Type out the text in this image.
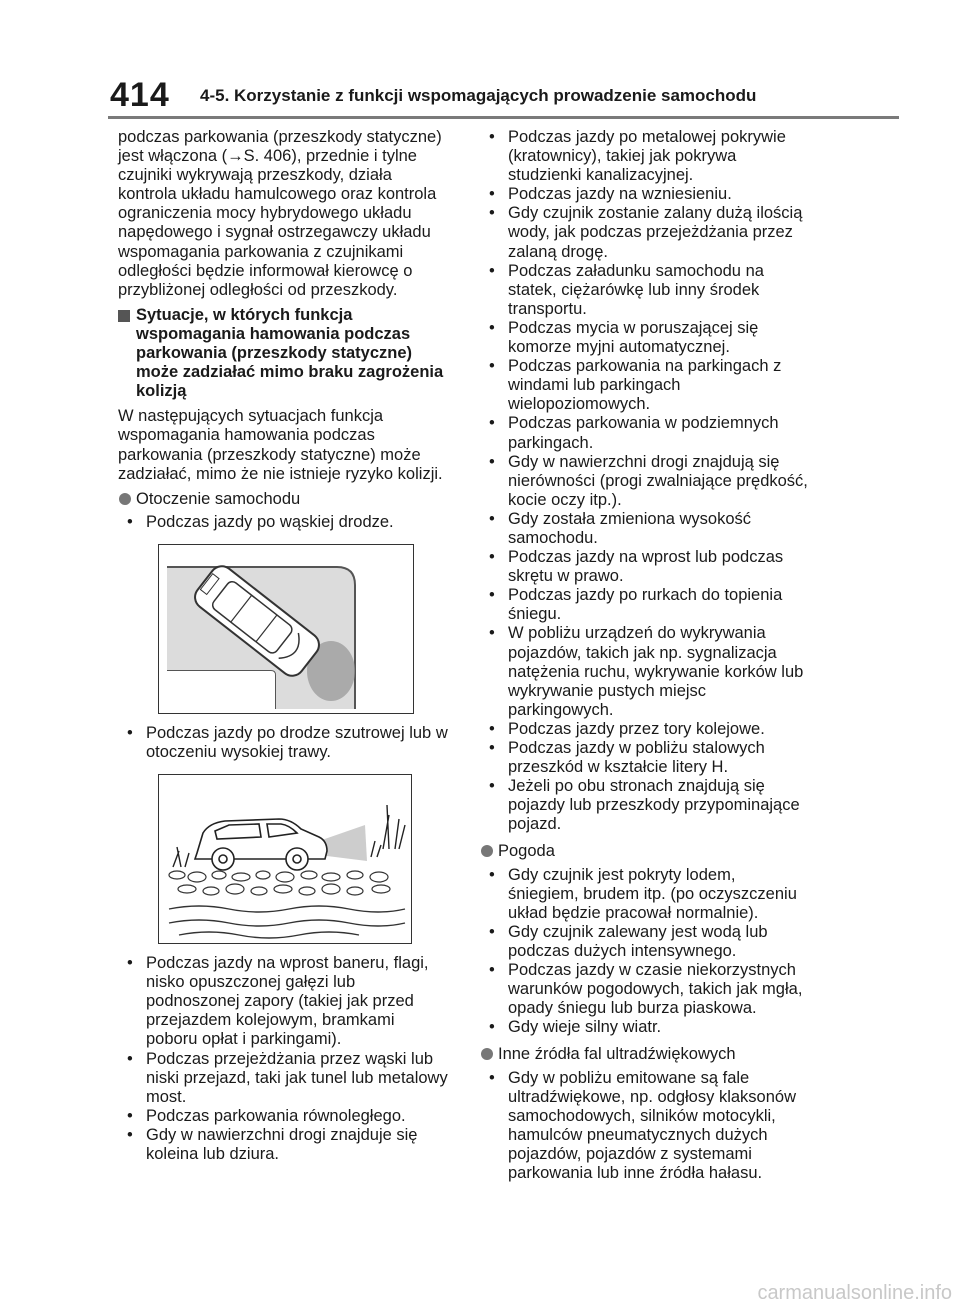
414 4-5. Korzystanie z funkcji wspomagających prowadzenie samochodu

podczas parkowania (przeszkody statyczne) jest włączona (→S. 406), przednie i tylne czujniki wykrywają przeszkody, działa kontrola układu hamulcowego oraz kontrola ograniczenia mocy hybrydowego układu napędowego i sygnał ostrzegawczy układu wspomagania parkowania z czujnikami odległości będzie informował kierowcę o przybliżonej odległości od przeszkody.

Sytuacje, w których funkcja wspomagania hamowania podczas parkowania (przeszkody statyczne) może zadziałać mimo braku zagrożenia kolizją

W następujących sytuacjach funkcja wspomagania hamowania podczas parkowania (przeszkody statyczne) może zadziałać, mimo że nie istnieje ryzyko kolizji.

Otoczenie samochodu
• Podczas jazdy po wąskiej drodze.
• Podczas jazdy po drodze szutrowej lub w otoczeniu wysokiej trawy.
• Podczas jazdy na wprost baneru, flagi, nisko opuszczonej gałęzi lub podnoszonej zapory (takiej jak przed przejazdem kolejowym, bramkami poboru opłat i parkingami).
• Podczas przejeżdżania przez wąski lub niski przejazd, taki jak tunel lub metalowy most.
• Podczas parkowania równoległego.
• Gdy w nawierzchni drogi znajduje się koleina lub dziura.
• Podczas jazdy po metalowej pokrywie (kratownicy), takiej jak pokrywa studzienki kanalizacyjnej.
• Podczas jazdy na wzniesieniu.
• Gdy czujnik zostanie zalany dużą ilością wody, jak podczas przejeżdżania przez zalaną drogę.
• Podczas załadunku samochodu na statek, ciężarówkę lub inny środek transportu.
• Podczas mycia w poruszającej się komorze myjni automatycznej.
• Podczas parkowania na parkingach z windami lub parkingach wielopoziomowych.
• Podczas parkowania w podziemnych parkingach.
• Gdy w nawierzchni drogi znajdują się nierówności (progi zwalniające prędkość, kocie oczy itp.).
• Gdy została zmieniona wysokość samochodu.
• Podczas jazdy na wprost lub podczas skrętu w prawo.
• Podczas jazdy po rurkach do topienia śniegu.
• W pobliżu urządzeń do wykrywania pojazdów, takich jak np. sygnalizacja natężenia ruchu, wykrywanie korków lub wykrywanie pustych miejsc parkingowych.
• Podczas jazdy przez tory kolejowe.
• Podczas jazdy w pobliżu stalowych przeszkód w kształcie litery H.
• Jeżeli po obu stronach znajdują się pojazdy lub przeszkody przypominające pojazd.
Pogoda
• Gdy czujnik jest pokryty lodem, śniegiem, brudem itp. (po oczyszczeniu układ będzie pracował normalnie).
• Gdy czujnik zalewany jest wodą lub podczas dużych intensywnego.
• Podczas jazdy w czasie niekorzystnych warunków pogodowych, takich jak mgła, opady śniegu lub burza piaskowa.
• Gdy wieje silny wiatr.
Inne źródła fal ultradźwiękowych
• Gdy w pobliżu emitowane są fale ultradźwiękowe, np. odgłosy klaksonów samochodowych, silników motocykli, hamulców pneumatycznych dużych pojazdów, pojazdów z systemami parkowania lub inne źródła hałasu.
carmanualsonline.info
